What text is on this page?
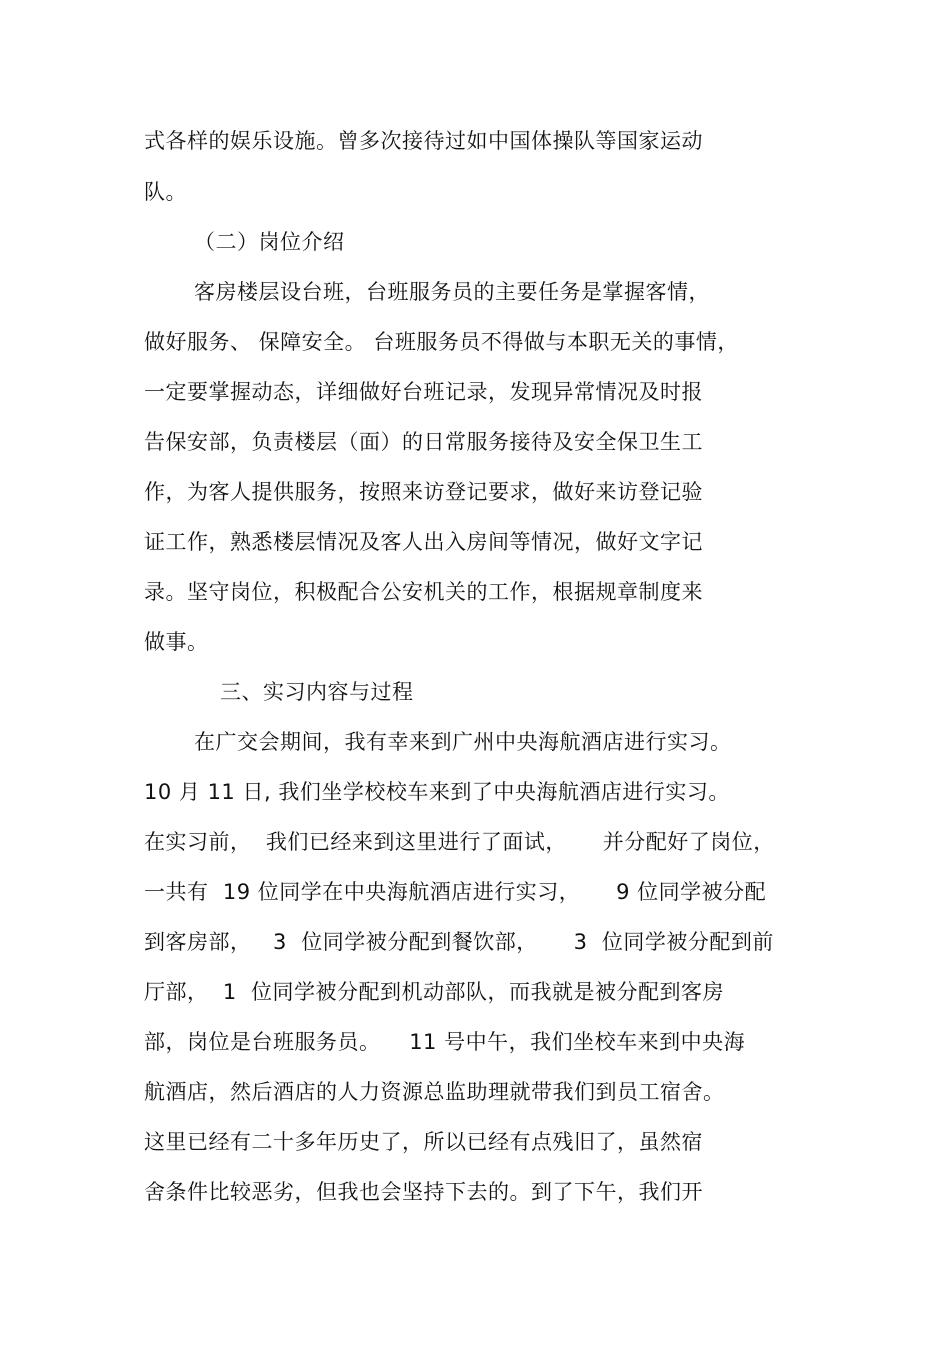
式各样的娱乐设施。曾多次接待过如中国体操队等国家运动
队。
（二）岗位介绍
客房楼层设台班，台班服务员的主要任务是掌握客情，
做好服务、 保障安全。 台班服务员不得做与本职无关的事情，
一定要掌握动态，详细做好台班记录，发现异常情况及时报
告保安部，负责楼层（面）的日常服务接待及安全保卫生工
作，为客人提供服务，按照来访登记要求，做好来访登记验
证工作，熟悉楼层情况及客人出入房间等情况，做好文字记
录。坚守岗位，积极配合公安机关的工作，根据规章制度来
做事。
三、实习内容与过程
在广交会期间，我有幸来到广州中央海航酒店进行实习。
10 月 11 日, 我们坐学校校车来到了中央海航酒店进行实习。
在实习前，  我们已经来到这里进行了面试，     并分配好了岗位，
一共有  19 位同学在中央海航酒店进行实习，     9 位同学被分配
到客房部，   3  位同学被分配到餐饮部，     3  位同学被分配到前
厅部，  1  位同学被分配到机动部队，而我就是被分配到客房
部，岗位是台班服务员。    11 号中午，我们坐校车来到中央海
航酒店，然后酒店的人力资源总监助理就带我们到员工宿舍。
这里已经有二十多年历史了，所以已经有点残旧了，虽然宿
舍条件比较恶劣，但我也会坚持下去的。到了下午，我们开
